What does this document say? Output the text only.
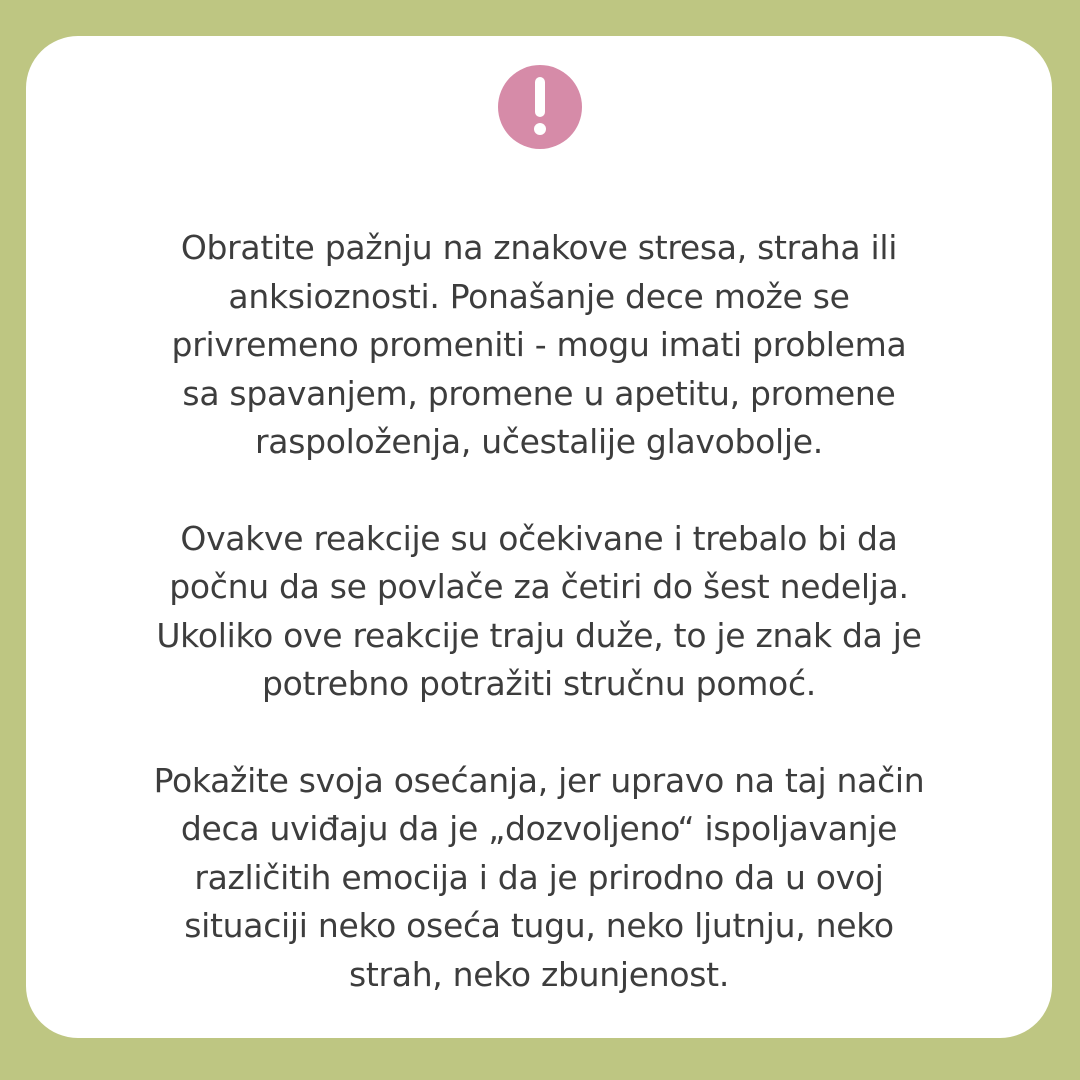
Obratite pažnju na znakove stresa, straha ili
anksioznosti. Ponašanje dece može se
privremeno promeniti - mogu imati problema
sa spavanjem, promene u apetitu, promene
raspoloženja, učestalije glavobolje.

Ovakve reakcije su očekivane i trebalo bi da
počnu da se povlače za četiri do šest nedelja.
Ukoliko ove reakcije traju duže, to je znak da je
potrebno potražiti stručnu pomoć.

Pokažite svoja osećanja, jer upravo na taj način
deca uviđaju da je „dozvoljeno“ ispoljavanje
različitih emocija i da je prirodno da u ovoj
situaciji neko oseća tugu, neko ljutnju, neko
strah, neko zbunjenost.
